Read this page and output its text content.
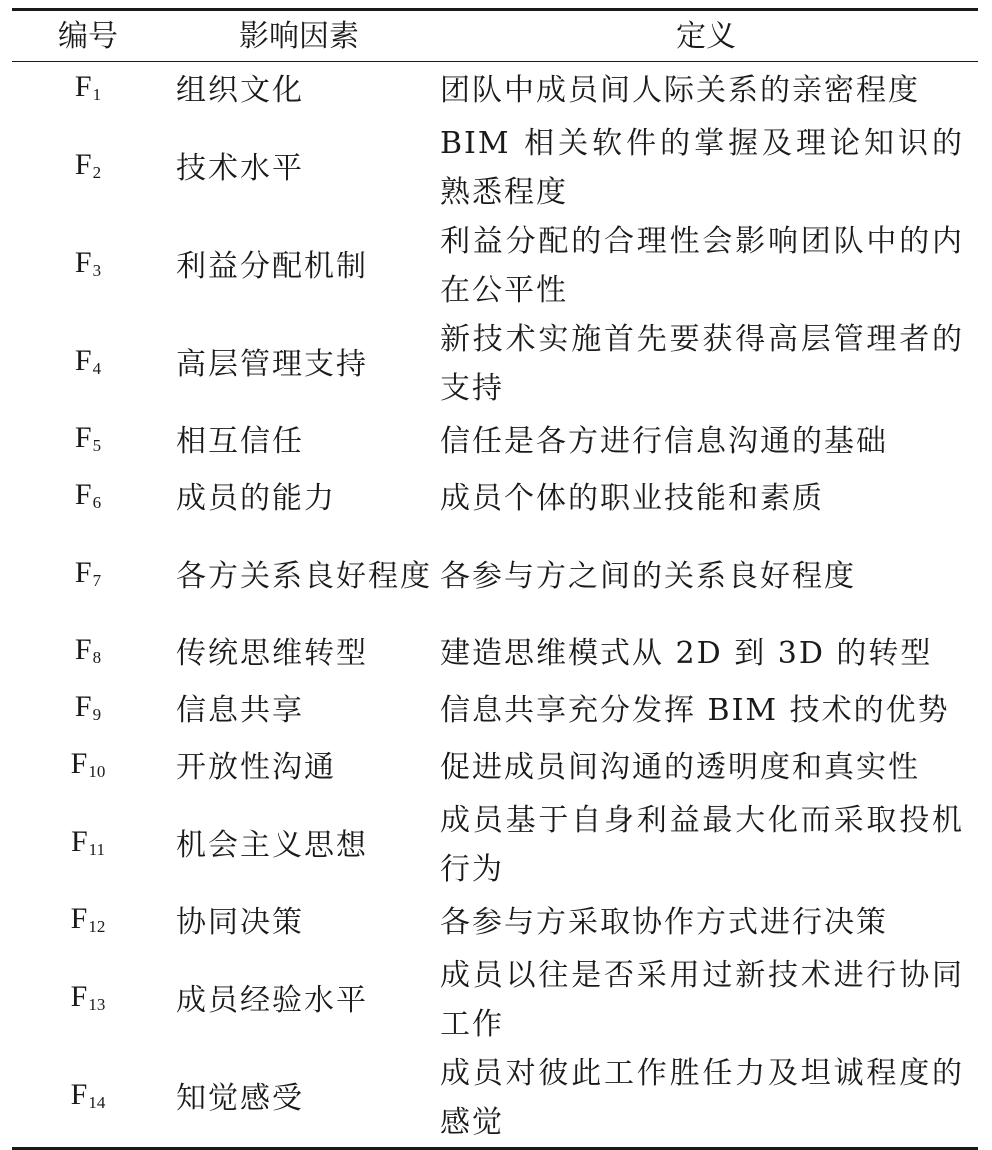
编号	影响因素	定义
$F_1$	组织文化	团队中成员间人际关系的亲密程度
$F_2$	技术水平	BIM 相关软件的掌握及理论知识的熟悉程度
$F_3$	利益分配机制	利益分配的合理性会影响团队中的内在公平性
$F_4$	高层管理支持	新技术实施首先要获得高层管理者的支持
$F_5$	相互信任	信任是各方进行信息沟通的基础
$F_6$	成员的能力	成员个体的职业技能和素质
$F_7$	各方关系良好程度	各参与方之间的关系良好程度
$F_8$	传统思维转型	建造思维模式从 2D 到 3D 的转型
$F_9$	信息共享	信息共享充分发挥 BIM 技术的优势
$F_{10}$	开放性沟通	促进成员间沟通的透明度和真实性
$F_{11}$	机会主义思想	成员基于自身利益最大化而采取投机行为
$F_{12}$	协同决策	各参与方采取协作方式进行决策
$F_{13}$	成员经验水平	成员以往是否采用过新技术进行协同工作
$F_{14}$	知觉感受	成员对彼此工作胜任力及坦诚程度的感觉
